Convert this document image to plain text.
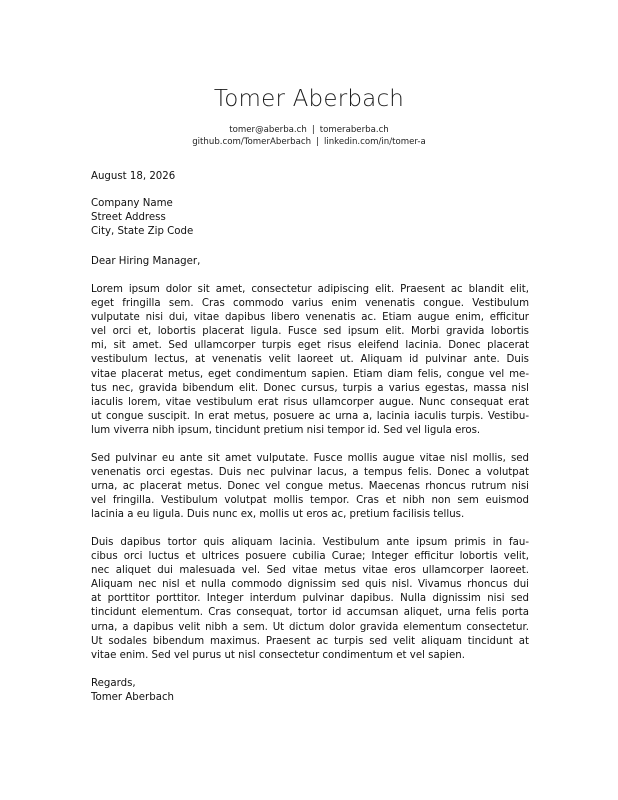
Tomer Aberbach
tomer@aberba.ch | tomeraberba.ch
github.com/TomerAberbach | linkedin.com/in/tomer-a
August 18, 2026
Company Name
Street Address
City, State Zip Code
Dear Hiring Manager,
Lorem ipsum dolor sit amet, consectetur adipiscing elit. Praesent ac blandit elit,
eget fringilla sem. Cras commodo varius enim venenatis congue. Vestibulum
vulputate nisi dui, vitae dapibus libero venenatis ac. Etiam augue enim, efficitur
vel orci et, lobortis placerat ligula. Fusce sed ipsum elit. Morbi gravida lobortis
mi, sit amet. Sed ullamcorper turpis eget risus eleifend lacinia. Donec placerat
vestibulum lectus, at venenatis velit laoreet ut. Aliquam id pulvinar ante. Duis
vitae placerat metus, eget condimentum sapien. Etiam diam felis, congue vel me-
tus nec, gravida bibendum elit. Donec cursus, turpis a varius egestas, massa nisl
iaculis lorem, vitae vestibulum erat risus ullamcorper augue. Nunc consequat erat
ut congue suscipit. In erat metus, posuere ac urna a, lacinia iaculis turpis. Vestibu-
lum viverra nibh ipsum, tincidunt pretium nisi tempor id. Sed vel ligula eros.
Sed pulvinar eu ante sit amet vulputate. Fusce mollis augue vitae nisl mollis, sed
venenatis orci egestas. Duis nec pulvinar lacus, a tempus felis. Donec a volutpat
urna, ac placerat metus. Donec vel congue metus. Maecenas rhoncus rutrum nisi
vel fringilla. Vestibulum volutpat mollis tempor. Cras et nibh non sem euismod
lacinia a eu ligula. Duis nunc ex, mollis ut eros ac, pretium facilisis tellus.
Duis dapibus tortor quis aliquam lacinia. Vestibulum ante ipsum primis in fau-
cibus orci luctus et ultrices posuere cubilia Curae; Integer efficitur lobortis velit,
nec aliquet dui malesuada vel. Sed vitae metus vitae eros ullamcorper laoreet.
Aliquam nec nisl et nulla commodo dignissim sed quis nisl. Vivamus rhoncus dui
at porttitor porttitor. Integer interdum pulvinar dapibus. Nulla dignissim nisi sed
tincidunt elementum. Cras consequat, tortor id accumsan aliquet, urna felis porta
urna, a dapibus velit nibh a sem. Ut dictum dolor gravida elementum consectetur.
Ut sodales bibendum maximus. Praesent ac turpis sed velit aliquam tincidunt at
vitae enim. Sed vel purus ut nisl consectetur condimentum et vel sapien.
Regards,
Tomer Aberbach
